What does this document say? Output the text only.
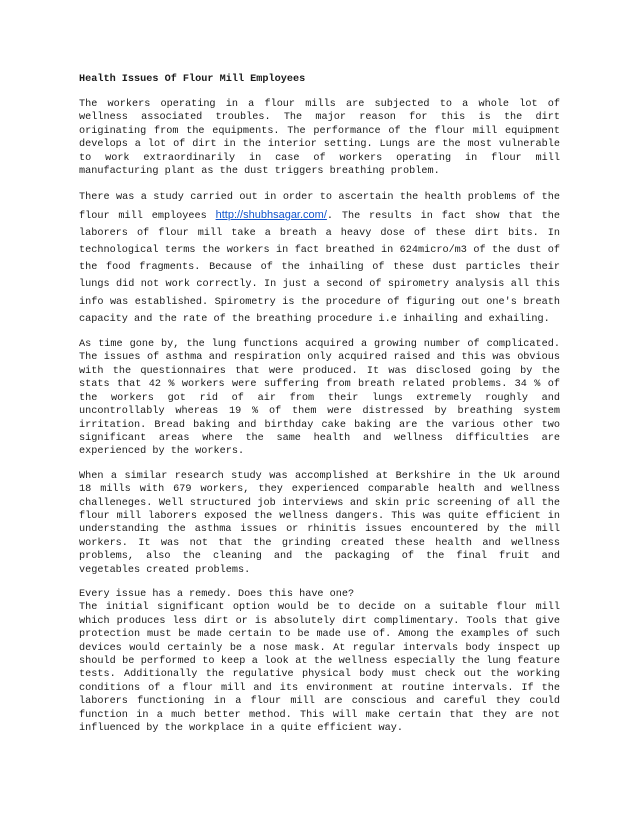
Health Issues Of Flour Mill Employees

The workers operating in a flour mills are subjected to a whole lot of wellness associated troubles. The major reason for this is the dirt originating from the equipments. The performance of the flour mill equipment develops a lot of dirt in the interior setting. Lungs are the most vulnerable to work extraordinarily in case of workers operating in flour mill manufacturing plant as the dust triggers breathing problem.

There was a study carried out in order to ascertain the health problems of the flour mill employees http://shubhsagar.com/. The results in fact show that the laborers of flour mill take a breath a heavy dose of these dirt bits. In technological terms the workers in fact breathed in 624micro/m3 of the dust of the food fragments. Because of the inhailing of these dust particles their lungs did not work correctly. In just a second of spirometry analysis all this info was established. Spirometry is the procedure of figuring out one's breath capacity and the rate of the breathing procedure i.e inhailing and exhailing.

As time gone by, the lung functions acquired a growing number of complicated. The issues of asthma and respiration only acquired raised and this was obvious with the questionnaires that were produced. It was disclosed going by the stats that 42 % workers were suffering from breath related problems. 34 % of the workers got rid of air from their lungs extremely roughly and uncontrollably whereas 19 % of them were distressed by breathing system irritation. Bread baking and birthday cake baking are the various other two significant areas where the same health and wellness difficulties are experienced by the workers.

When a similar research study was accomplished at Berkshire in the Uk around 18 mills with 679 workers, they experienced comparable health and wellness challeneges. Well structured job interviews and skin pric screening of all the flour mill laborers exposed the wellness dangers. This was quite efficient in understanding the asthma issues or rhinitis issues encountered by the mill workers. It was not that the grinding created these health and wellness problems, also the cleaning and the packaging of the final fruit and vegetables created problems.

Every issue has a remedy. Does this have one?

The initial significant option would be to decide on a suitable flour mill which produces less dirt or is absolutely dirt complimentary. Tools that give protection must be made certain to be made use of. Among the examples of such devices would certainly be a nose mask. At regular intervals body inspect up should be performed to keep a look at the wellness especially the lung feature tests. Additionally the regulative physical body must check out the working conditions of a flour mill and its environment at routine intervals. If the laborers functioning in a flour mill are conscious and careful they could function in a much better method. This will make certain that they are not influenced by the workplace in a quite efficient way.
